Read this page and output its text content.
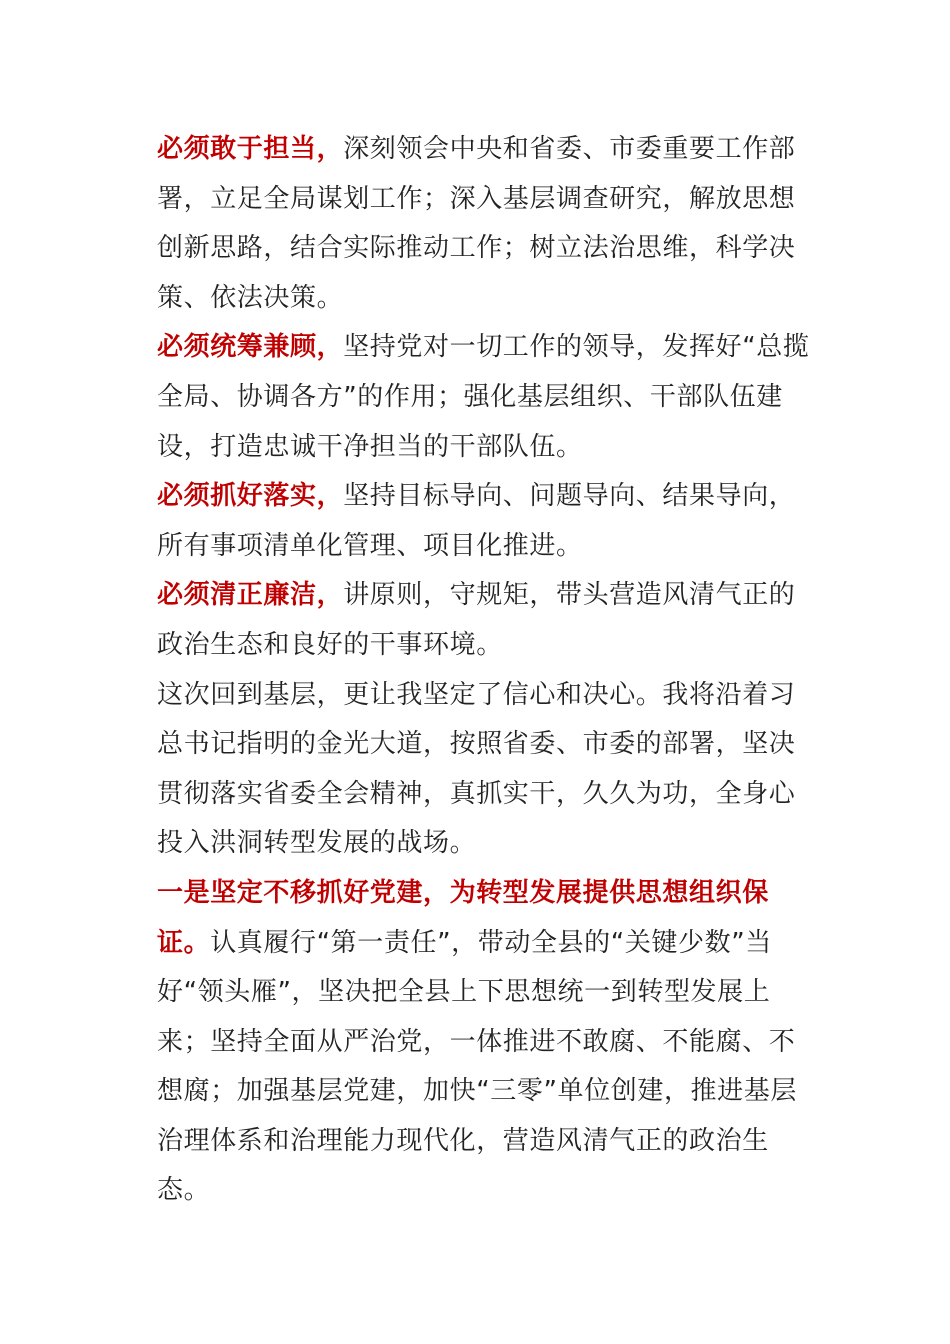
必须敢于担当，深刻领会中央和省委、市委重要工作部署，立足全局谋划工作；深入基层调查研究，解放思想创新思路，结合实际推动工作；树立法治思维，科学决策、依法决策。

必须统筹兼顾，坚持党对一切工作的领导，发挥好“总揽全局、协调各方”的作用；强化基层组织、干部队伍建设，打造忠诚干净担当的干部队伍。

必须抓好落实，坚持目标导向、问题导向、结果导向，所有事项清单化管理、项目化推进。

必须清正廉洁，讲原则，守规矩，带头营造风清气正的政治生态和良好的干事环境。

这次回到基层，更让我坚定了信心和决心。我将沿着习总书记指明的金光大道，按照省委、市委的部署，坚决贯彻落实省委全会精神，真抓实干，久久为功，全身心投入洪洞转型发展的战场。

一是坚定不移抓好党建，为转型发展提供思想组织保证。认真履行“第一责任”，带动全县的“关键少数”当好“领头雁”，坚决把全县上下思想统一到转型发展上来；坚持全面从严治党，一体推进不敢腐、不能腐、不想腐；加强基层党建，加快“三零”单位创建，推进基层治理体系和治理能力现代化，营造风清气正的政治生态。
